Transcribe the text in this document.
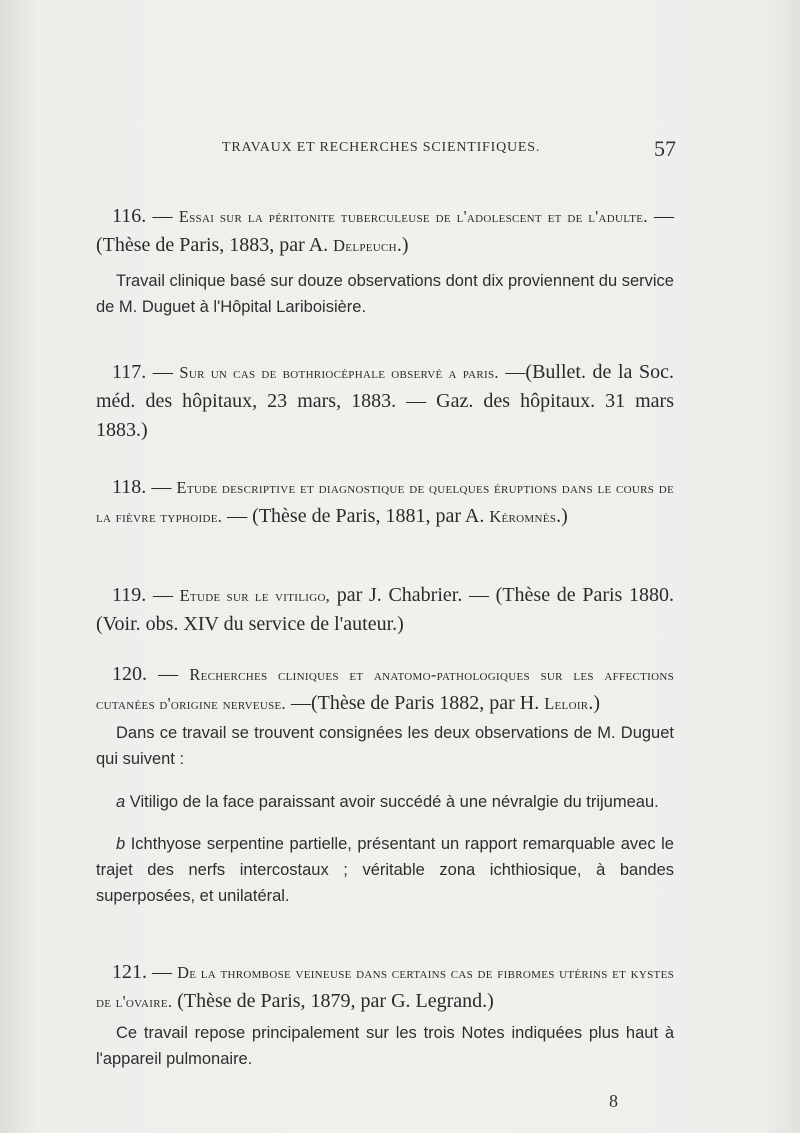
TRAVAUX ET RECHERCHES SCIENTIFIQUES.	57
116. — Essai sur la péritonite tuberculeuse de l'adolescent et de l'adulte. — (Thèse de Paris, 1883, par A. Delpeuch.)

Travail clinique basé sur douze observations dont dix proviennent du service de M. Duguet à l'Hôpital Lariboisière.

117. — Sur un cas de bothriocéphale observé a paris. —(Bullet. de la Soc. méd. des hôpitaux, 23 mars, 1883. — Gaz. des hôpitaux. 31 mars 1883.)
118. — Etude descriptive et diagnostique de quelques éruptions dans le cours de la fièvre typhoide. — (Thèse de Paris, 1881, par A. Kéromnès.)
119. — Etude sur le vitiligo, par J. Chabrier. — (Thèse de Paris 1880. (Voir. obs. XIV du service de l'auteur.)
120. — Recherches cliniques et anatomo-pathologiques sur les affections cutanées d'origine nerveuse. —(Thèse de Paris 1882, par H. Leloir.)

Dans ce travail se trouvent consignées les deux observations de M. Duguet qui suivent :

a Vitiligo de la face paraissant avoir succédé à une névralgie du trijumeau.

b Ichthyose serpentine partielle, présentant un rapport remarquable avec le trajet des nerfs intercostaux ; véritable zona ichthiosique, à bandes superposées, et unilatéral.

121. — De la thrombose veineuse dans certains cas de fibromes utérins et kystes de l'ovaire. (Thèse de Paris, 1879, par G. Legrand.)

Ce travail repose principalement sur les trois Notes indiquées plus haut à l'appareil pulmonaire.

8
